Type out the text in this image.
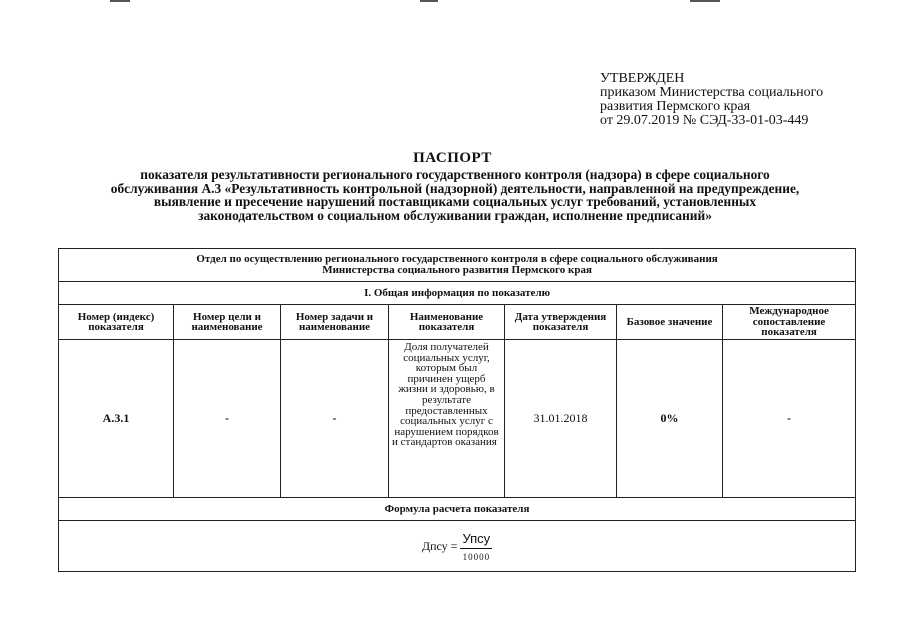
УТВЕРЖДЕН
приказом Министерства социального
развития Пермского края
от 29.07.2019 № СЭД-33-01-03-449
ПАСПОРТ
показателя результативности регионального государственного контроля (надзора) в сфере социального
обслуживания А.3 «Результативность контрольной (надзорной) деятельности, направленной на предупреждение,
выявление и пресечение нарушений поставщиками социальных услуг требований, установленных
законодательством о социальном обслуживании граждан, исполнение предписаний»
Отдел по осуществлению регионального государственного контроля в сфере социального обслуживания
Министерства социального развития Пермского края						

I. Общая информация по показателю						
Номер (индекс) показателя	Номер цели и наименование	Номер задачи и наименование	Наименование показателя	Дата утверждения показателя	Базовое значение	Международное сопоставление показателя
А.3.1	-	-	Доля получателей социальных услуг, которым был причинен ущерб жизни и здоровью, в результате предоставленных социальных услуг с нарушением порядков и стандартов оказания	31.01.2018	0%	-
Формула расчета показателя						

Дпсу = $\frac{\text{Упсу}}{10000}$
